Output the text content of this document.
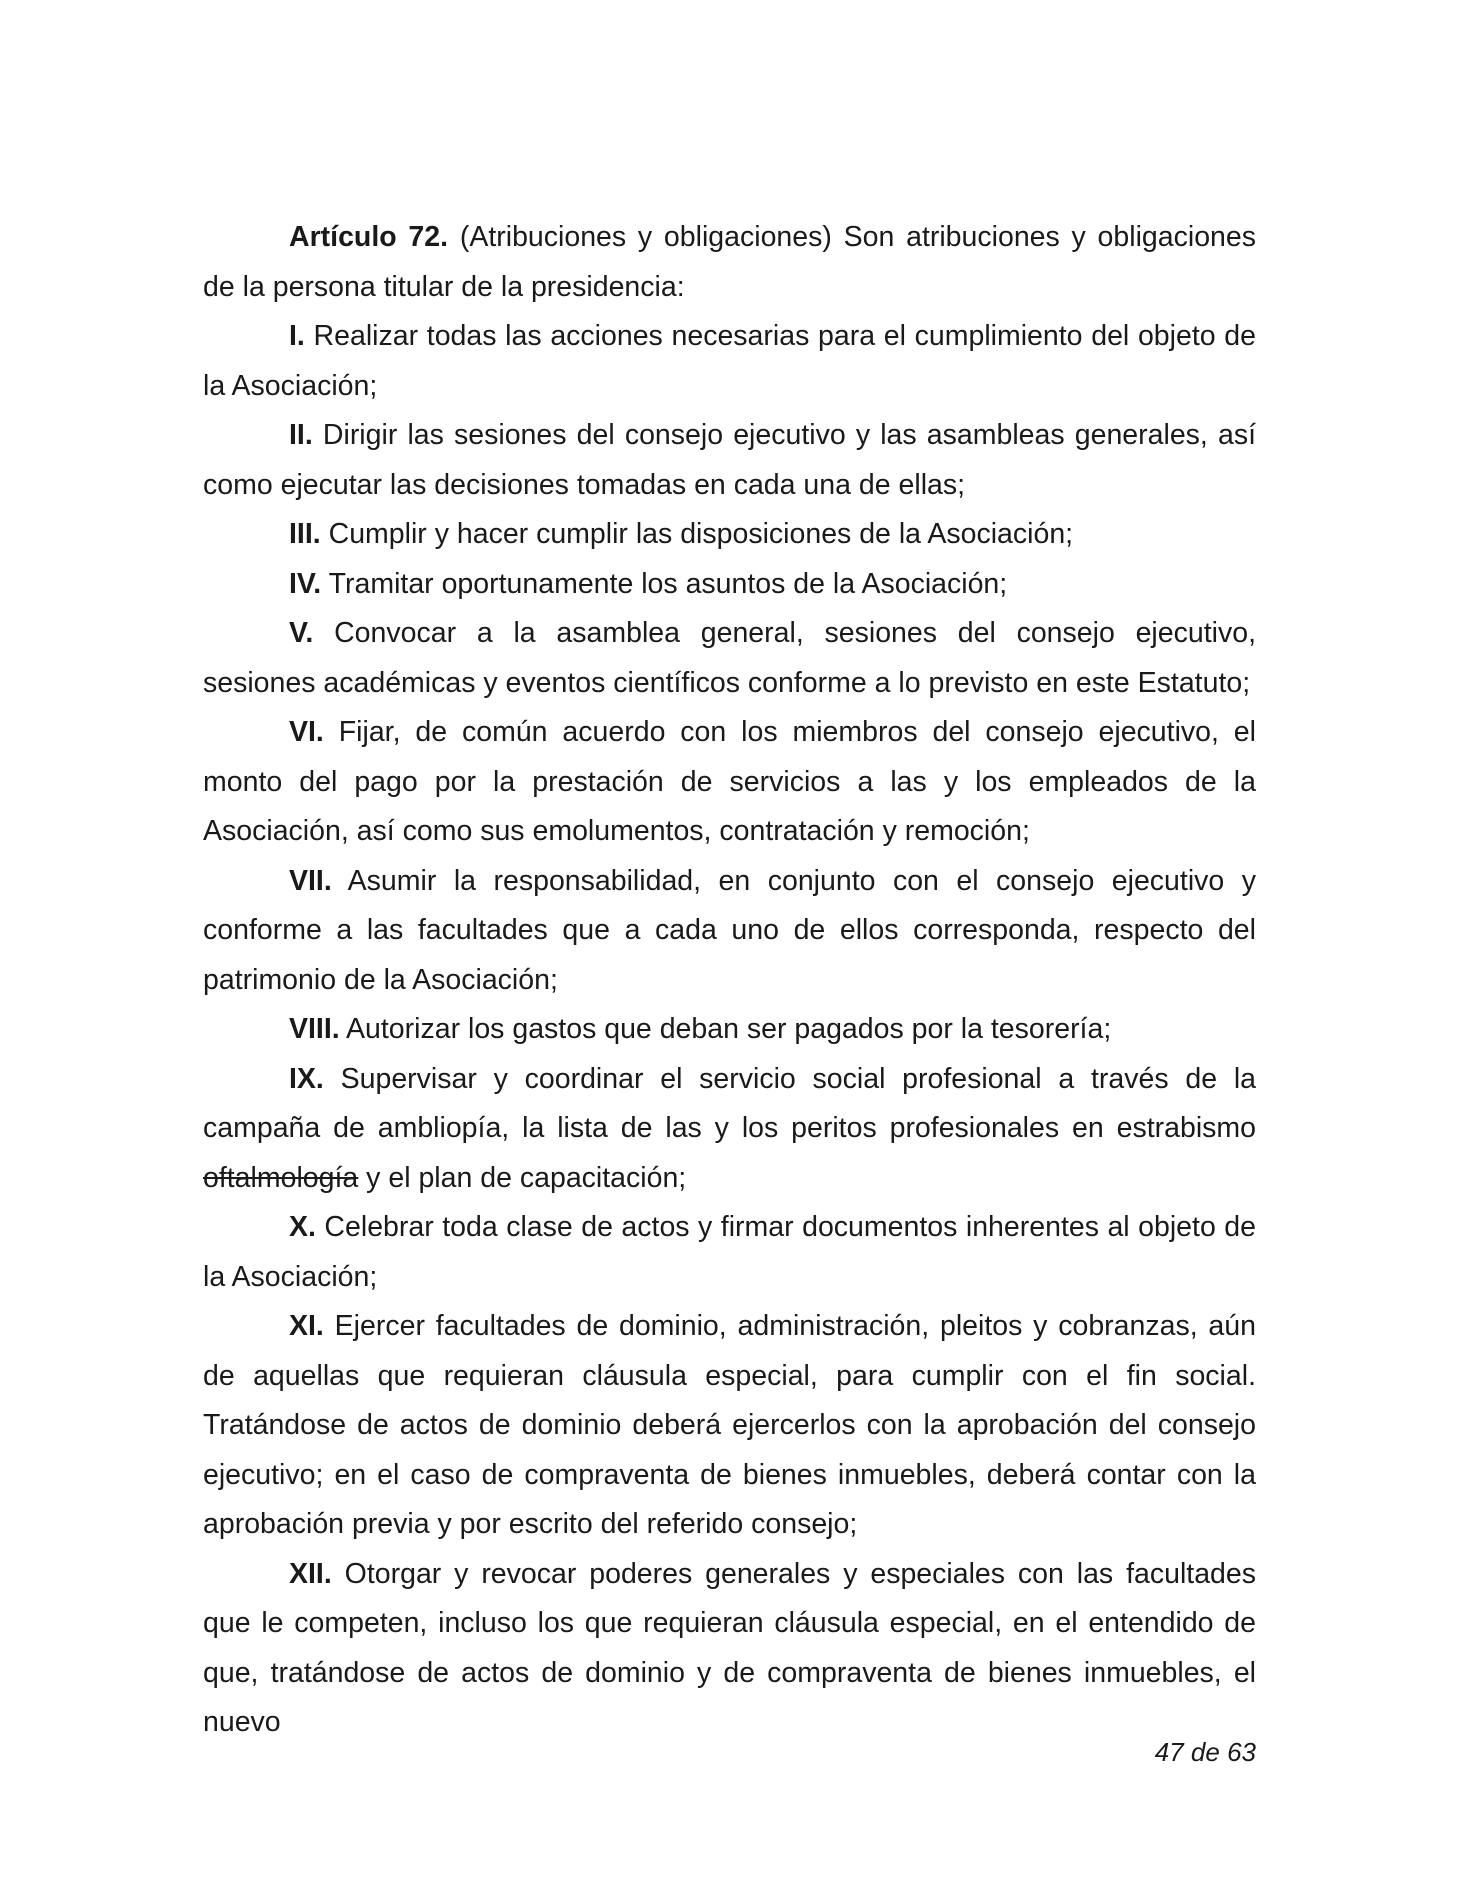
Artículo 72. (Atribuciones y obligaciones) Son atribuciones y obligaciones de la persona titular de la presidencia:

I. Realizar todas las acciones necesarias para el cumplimiento del objeto de la Asociación;

II. Dirigir las sesiones del consejo ejecutivo y las asambleas generales, así como ejecutar las decisiones tomadas en cada una de ellas;

III. Cumplir y hacer cumplir las disposiciones de la Asociación;

IV. Tramitar oportunamente los asuntos de la Asociación;

V. Convocar a la asamblea general, sesiones del consejo ejecutivo, sesiones académicas y eventos científicos conforme a lo previsto en este Estatuto;

VI. Fijar, de común acuerdo con los miembros del consejo ejecutivo, el monto del pago por la prestación de servicios a las y los empleados de la Asociación, así como sus emolumentos, contratación y remoción;

VII. Asumir la responsabilidad, en conjunto con el consejo ejecutivo y conforme a las facultades que a cada uno de ellos corresponda, respecto del patrimonio de la Asociación;

VIII. Autorizar los gastos que deban ser pagados por la tesorería;

IX. Supervisar y coordinar el servicio social profesional a través de la campaña de ambliopía, la lista de las y los peritos profesionales en estrabismo oftalmología y el plan de capacitación;

X. Celebrar toda clase de actos y firmar documentos inherentes al objeto de la Asociación;

XI. Ejercer facultades de dominio, administración, pleitos y cobranzas, aún de aquellas que requieran cláusula especial, para cumplir con el fin social. Tratándose de actos de dominio deberá ejercerlos con la aprobación del consejo ejecutivo; en el caso de compraventa de bienes inmuebles, deberá contar con la aprobación previa y por escrito del referido consejo;

XII. Otorgar y revocar poderes generales y especiales con las facultades que le competen, incluso los que requieran cláusula especial, en el entendido de que, tratándose de actos de dominio y de compraventa de bienes inmuebles, el nuevo

47 de 63
